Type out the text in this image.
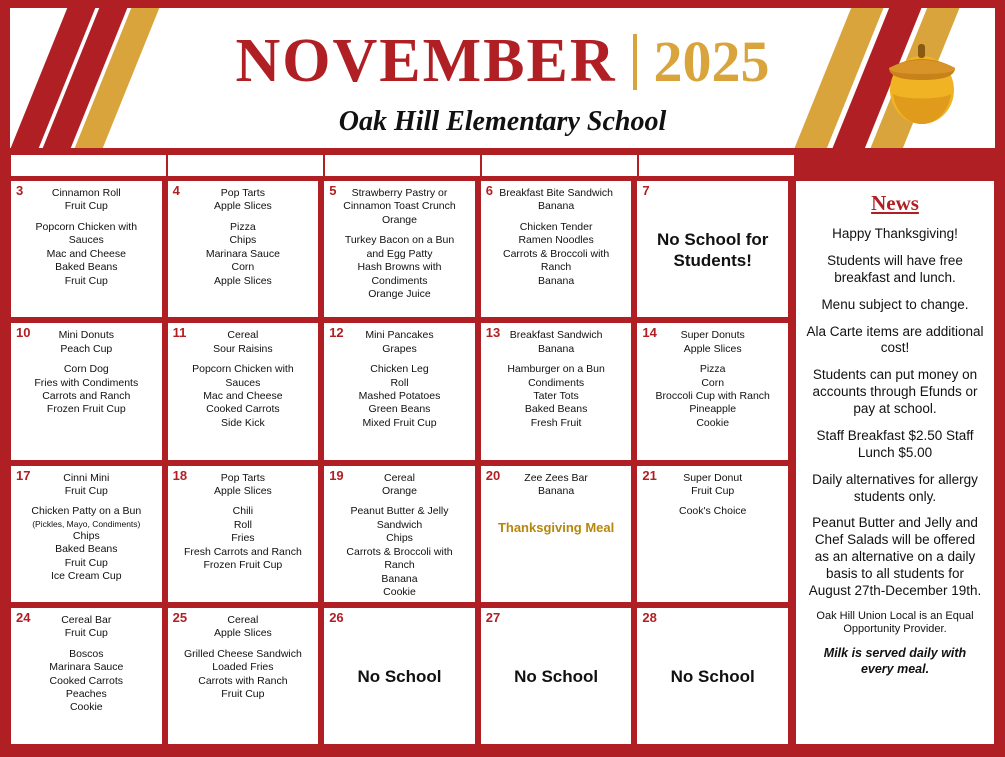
NOVEMBER 2025
Oak Hill Elementary School
MONDAY	TUESDAY	WEDNESDAY	THURSDAY	FRIDAY
3	Cinnamon Roll
Fruit Cup
Popcorn Chicken with Sauces
Mac and Cheese
Baked Beans
Fruit Cup
4	Pop Tarts
Apple Slices
Pizza
Chips
Marinara Sauce
Corn
Apple Slices
5	Strawberry Pastry or
Cinnamon Toast Crunch
Orange
Turkey Bacon on a Bun
and Egg Patty
Hash Browns with Condiments
Orange Juice
6 Breakfast Bite Sandwich
Banana
Chicken Tender
Ramen Noodles
Carrots & Broccoli with Ranch
Banana
7
No School for Students!
10	Mini Donuts
Peach Cup
Corn Dog
Fries with Condiments
Carrots and Ranch
Frozen Fruit Cup
11	Cereal
Sour Raisins
Popcorn Chicken with Sauces
Mac and Cheese
Cooked Carrots
Side Kick
12	Mini Pancakes
Grapes
Chicken Leg
Roll
Mashed Potatoes
Green Beans
Mixed Fruit Cup
13 Breakfast Sandwich
Banana
Hamburger on a Bun
Condiments
Tater Tots
Baked Beans
Fresh Fruit
14	Super Donuts
Apple Slices
Pizza
Corn
Broccoli Cup with Ranch
Pineapple
Cookie
17	Cinni Mini
Fruit Cup
Chicken Patty on a Bun
(Pickles, Mayo, Condiments)
Chips
Baked Beans
Fruit Cup
Ice Cream Cup
18	Pop Tarts
Apple Slices
Chili
Roll
Fries
Fresh Carrots and Ranch
Frozen Fruit Cup
19	Cereal
Orange
Peanut Butter & Jelly Sandwich
Chips
Carrots & Broccoli with Ranch
Banana
Cookie
20	Zee Zees Bar
Banana
Thanksgiving Meal
21	Super Donut
Fruit Cup
Cook's Choice
24	Cereal Bar
Fruit Cup
Boscos
Marinara Sauce
Cooked Carrots
Peaches
Cookie
25	Cereal
Apple Slices
Grilled Cheese Sandwich
Loaded Fries
Carrots with Ranch
Fruit Cup
26
No School
27
No School
28
No School
News

Happy Thanksgiving!

Students will have free breakfast and lunch.

Menu subject to change.

Ala Carte items are additional cost!

Students can put money on accounts through Efunds or pay at school.

Staff Breakfast $2.50 Staff Lunch $5.00

Daily alternatives for allergy students only.

Peanut Butter and Jelly and Chef Salads will be offered as an alternative on a daily basis to all students for August 27th-December 19th.

Oak Hill Union Local is an Equal Opportunity Provider.

Milk is served daily with every meal.
